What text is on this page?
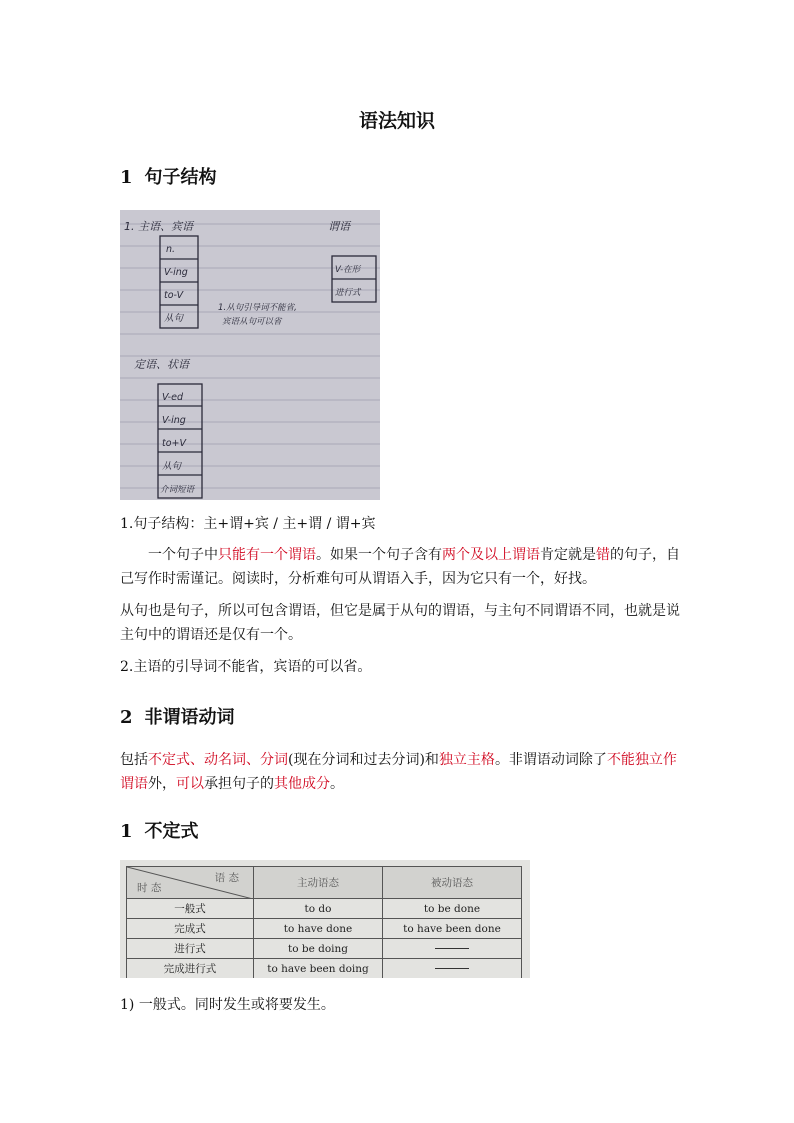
语法知识
1 句子结构
1. 主语、宾语	谓语
n.
V-ing
to-V
从句
1.从句引导词不能省,
宾语从句可以省
V-在形
进行式
定语、状语
V-ed
V-ing
to+V
从句
介词短语
1.句子结构：主+谓+宾 / 主+谓 / 谓+宾
一个句子中只能有一个谓语。如果一个句子含有两个及以上谓语肯定就是错的句子，自己写作时需谨记。阅读时，分析难句可从谓语入手，因为它只有一个，好找。
从句也是句子，所以可包含谓语，但它是属于从句的谓语，与主句不同谓语不同，也就是说主句中的谓语还是仅有一个。
2.主语的引导词不能省，宾语的可以省。
2 非谓语动词
包括不定式、动名词、分词(现在分词和过去分词)和独立主格。非谓语动词除了不能独立作谓语外，可以承担句子的其他成分。
1 不定式
语 态
时 态	主动语态	被动语态
一般式	to do	to be done
完成式	to have done	to have been done
进行式	to be doing	
完成进行式	to have been doing	
1) 一般式。同时发生或将要发生。
